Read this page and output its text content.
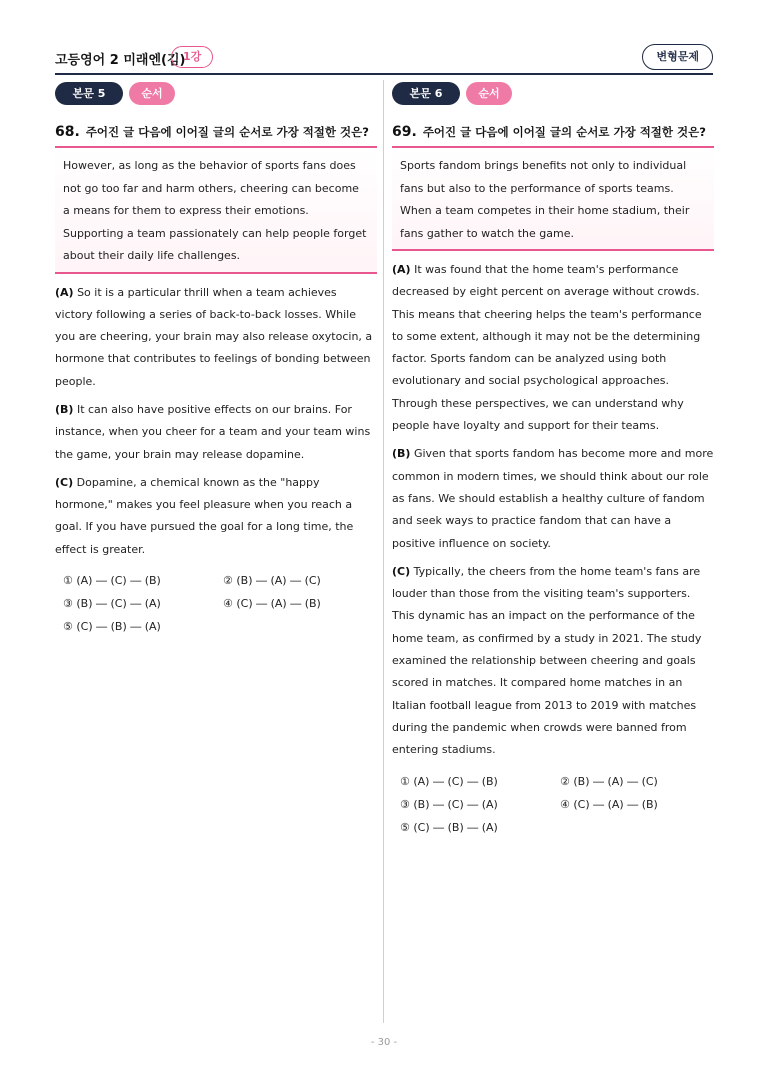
고등영어 2 미래엔(김)
1강	변형문제
본문 5	순서
68. 주어진 글 다음에 이어질 글의 순서로 가장 적절한 것은?

However, as long as the behavior of sports fans does not go too far and harm others, cheering can become a means for them to express their emotions. Supporting a team passionately can help people forget about their daily life challenges.

(A) So it is a particular thrill when a team achieves victory following a series of back-to-back losses. While you are cheering, your brain may also release oxytocin, a hormone that contributes to feelings of bonding between people.

(B) It can also have positive effects on our brains. For instance, when you cheer for a team and your team wins the game, your brain may release dopamine.

(C) Dopamine, a chemical known as the "happy hormone," makes you feel pleasure when you reach a goal. If you have pursued the goal for a long time, the effect is greater.

① (A) ― (C) ― (B)	② (B) ― (A) ― (C)
③ (B) ― (C) ― (A)	④ (C) ― (A) ― (B)
⑤ (C) ― (B) ― (A)
본문 6	순서
69. 주어진 글 다음에 이어질 글의 순서로 가장 적절한 것은?

Sports fandom brings benefits not only to individual fans but also to the performance of sports teams. When a team competes in their home stadium, their fans gather to watch the game.

(A) It was found that the home team's performance decreased by eight percent on average without crowds. This means that cheering helps the team's performance to some extent, although it may not be the determining factor. Sports fandom can be analyzed using both evolutionary and social psychological approaches. Through these perspectives, we can understand why people have loyalty and support for their teams.

(B) Given that sports fandom has become more and more common in modern times, we should think about our role as fans. We should establish a healthy culture of fandom and seek ways to practice fandom that can have a positive influence on society.

(C) Typically, the cheers from the home team's fans are louder than those from the visiting team's supporters. This dynamic has an impact on the performance of the home team, as confirmed by a study in 2021. The study examined the relationship between cheering and goals scored in matches. It compared home matches in an Italian football league from 2013 to 2019 with matches during the pandemic when crowds were banned from entering stadiums.

① (A) ― (C) ― (B)	② (B) ― (A) ― (C)
③ (B) ― (C) ― (A)	④ (C) ― (A) ― (B)
⑤ (C) ― (B) ― (A)
- 30 -
